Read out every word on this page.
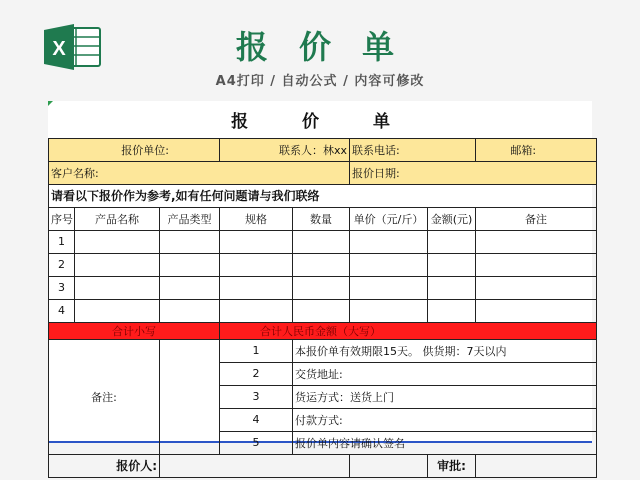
X	报 价 单
A4打印 / 自动公式 / 内容可修改
报 价 单							
报价单位:			联系人：林xx		联系电话:		邮箱:
客户名称:					报价日期:		
请看以下报价作为参考,如有任何问题请与我们联络							
序号	产品名称	产品类型	规格	数量	单价（元/斤）	金额(元)	备注
1							
2							
3							
4							
合计小写			合计人民币金额（大写）				
备注:			1	本报价单有效期限15天。 供货期：7天以内			
			2	交货地址:			
			3	货运方式：送货上门			
			4	付款方式:			
			5	报价单内容请确认签名			
报价人:						审批:	
